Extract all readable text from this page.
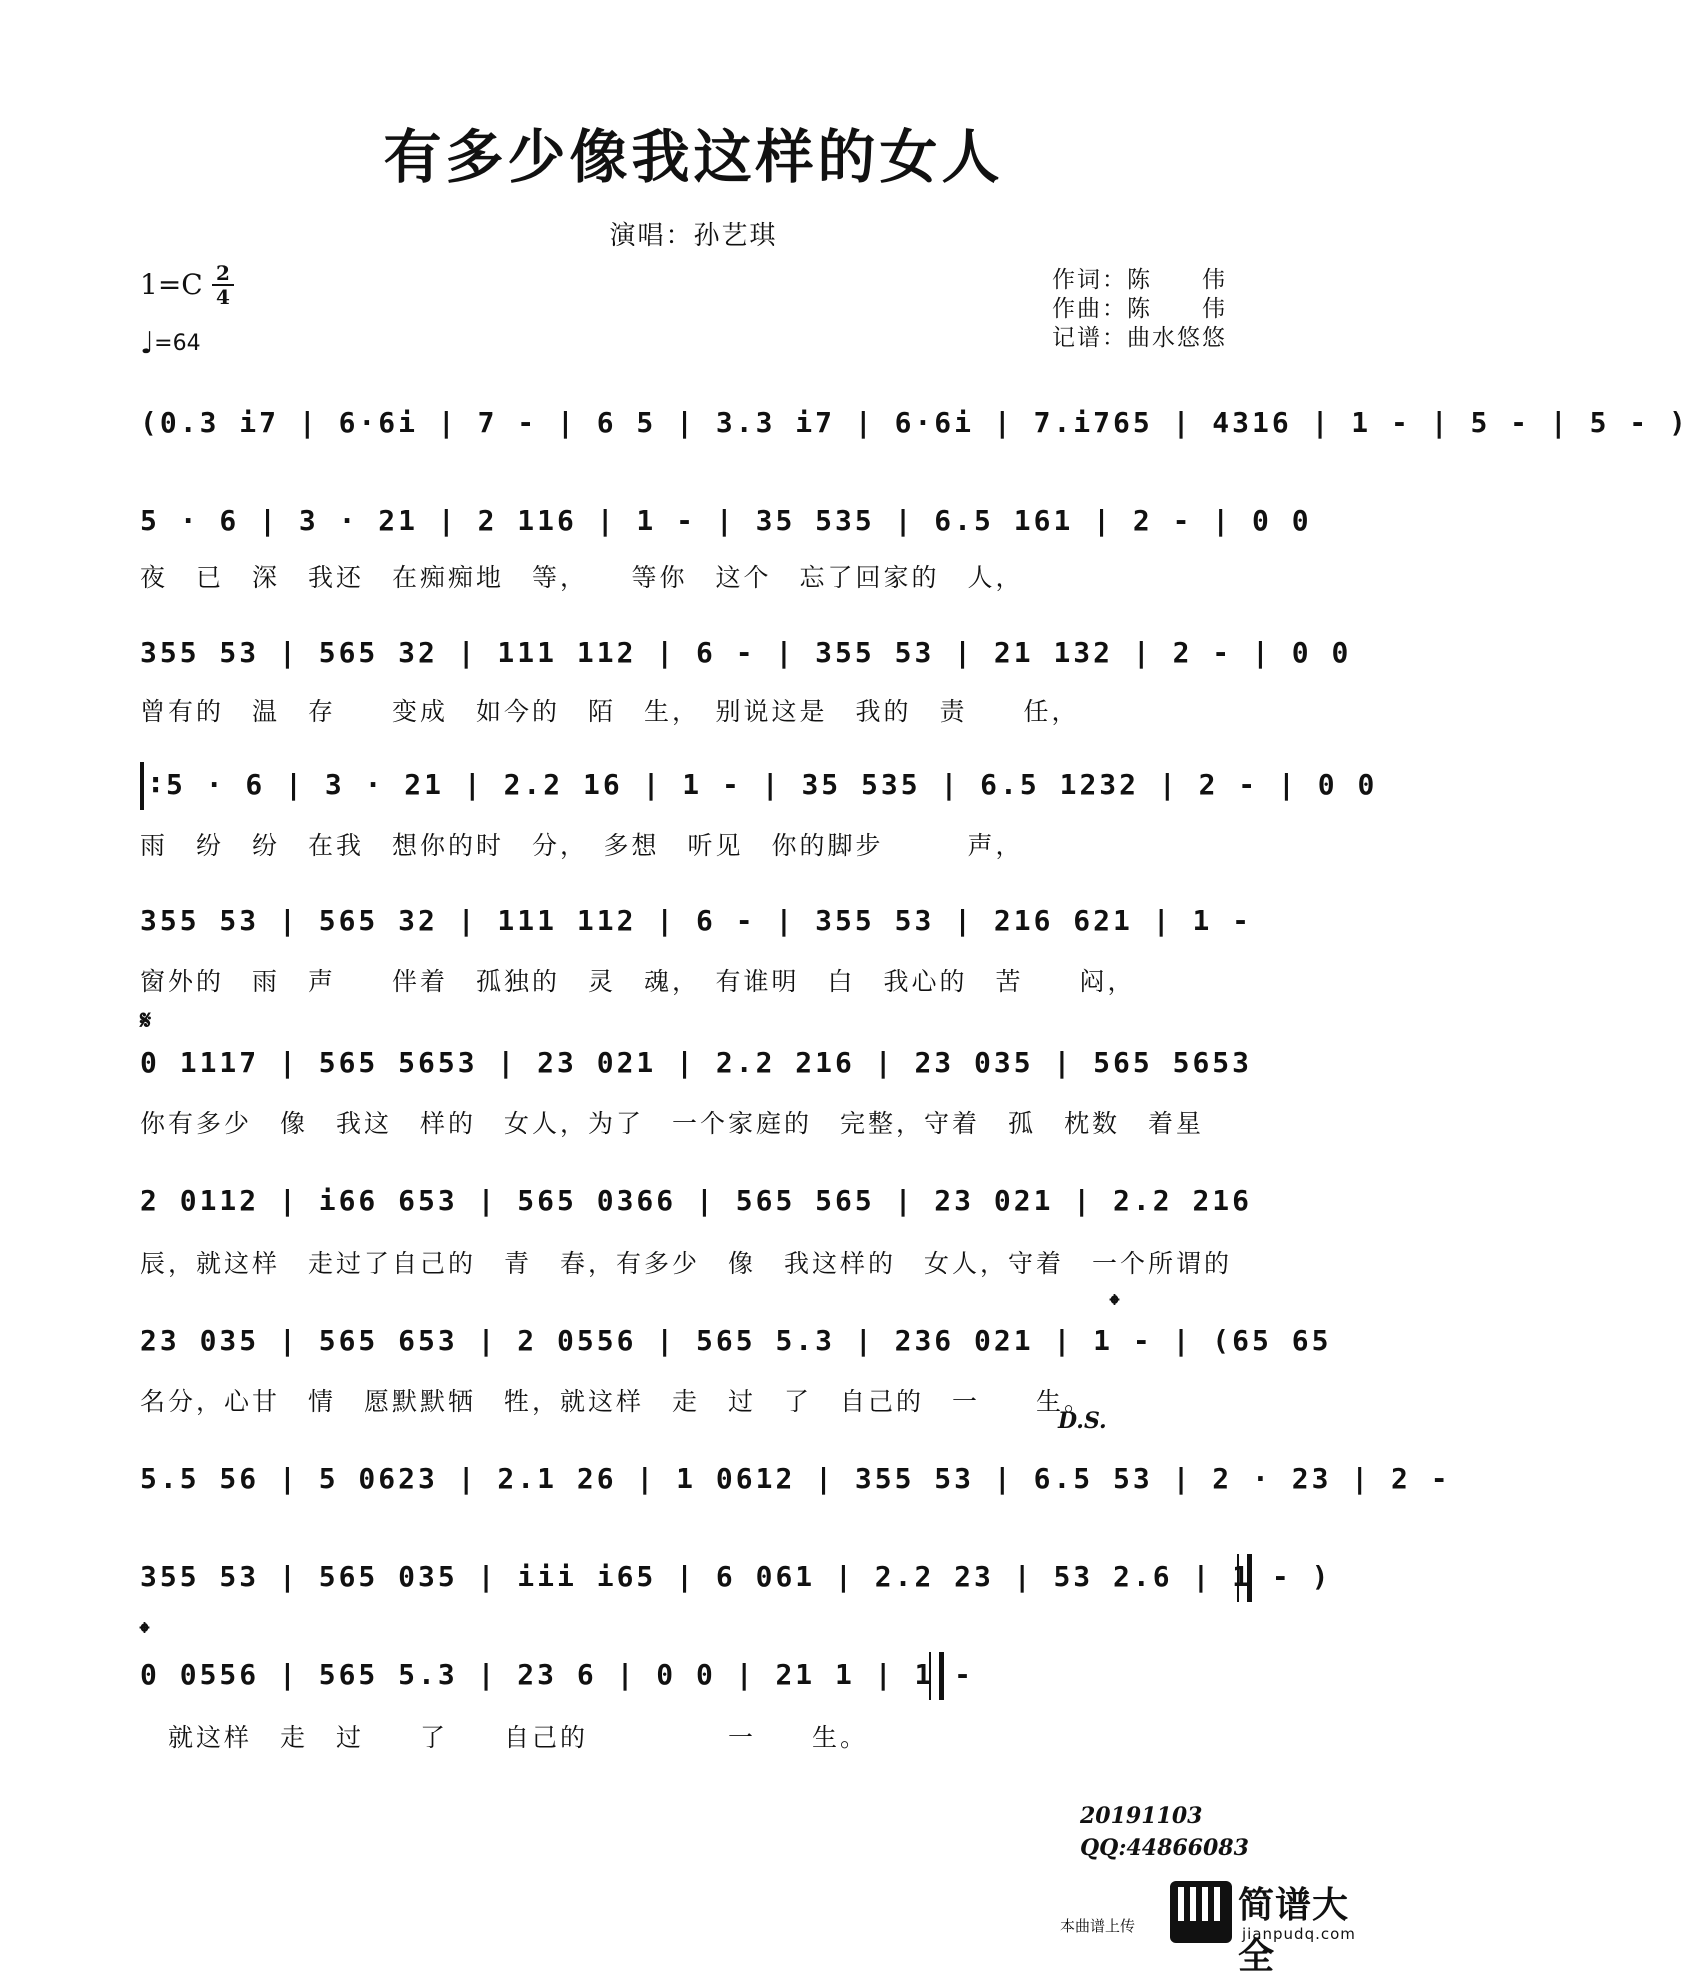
有多少像我这样的女人
演唱：孙艺琪
1=C 2
4
♩=64
作词：陈　　伟
作曲：陈　　伟
记谱：曲水悠悠
(0.3 i7 | 6·6i | 7 - | 6 5 | 3.3 i7 | 6·6i | 7.i765 | 4316 | 1 - | 5 - | 5 - )
5 · 6 | 3 · 21 | 2 116 | 1 - | 35 535 | 6.5 161 | 2 - | 0 0
夜　已　深　我还　在痴痴地　等，　　等你　这个　忘了回家的　人，
355 53 | 565 32 | 111 112 | 6 - | 355 53 | 21 132 | 2 - | 0 0
曾有的　温　存　　变成　如今的　陌　生，　别说这是　我的　责　　任，
:
5 · 6 | 3 · 21 | 2.2 16 | 1 - | 35 535 | 6.5 1232 | 2 - | 0 0
雨　纷　纷　在我　想你的时　分，　多想　听见　你的脚步　　　声，
355 53 | 565 32 | 111 112 | 6 - | 355 53 | 216 621 | 1 -
窗外的　雨　声　　伴着　孤独的　灵　魂，　有谁明　白　我心的　苦　　闷，
𝄋
0 1117 | 565 5653 | 23 021 | 2.2 216 | 23 035 | 565 5653
你有多少　像　我这　样的　女人，为了　一个家庭的　完整，守着　孤　枕数　着星
2 0112 | i66 653 | 565 0366 | 565 565 | 23 021 | 2.2 216
辰，就这样　走过了自己的　青　春，有多少　像　我这样的　女人，守着　一个所谓的
𝄌
23 035 | 565 653 | 2 0556 | 565 5.3 | 236 021 | 1 - | (65 65
名分，心甘　情　愿默默牺　牲，就这样　走　过　了　自己的　一　　生。
D.S.
5.5 56 | 5 0623 | 2.1 26 | 1 0612 | 355 53 | 6.5 53 | 2 · 23 | 2 -
355 53 | 565 035 | iii i65 | 6 061 | 2.2 23 | 53 2.6 | 1 - )
𝄌
0 0556 | 565 5.3 | 23 6 | 0 0 | 21 1 | 1 -
　就这样　走　过　　了　　自己的　　　　　一　　生。
20191103
QQ:44866083
本曲谱上传	简谱大全
jianpudq.com
